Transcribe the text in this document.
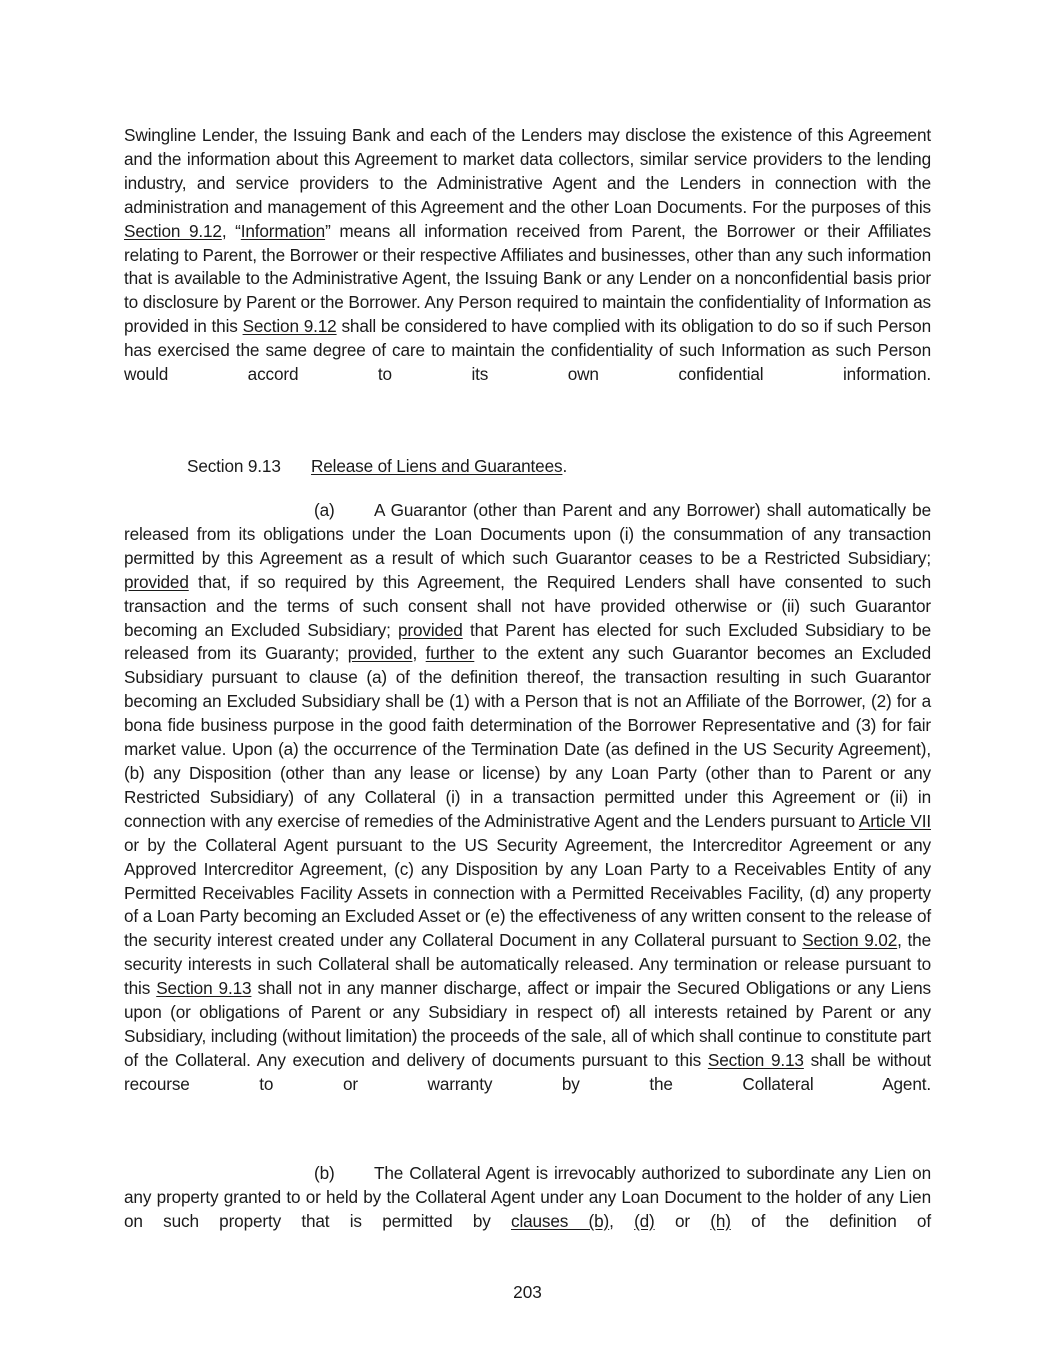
Swingline Lender, the Issuing Bank and each of the Lenders may disclose the existence of this Agreement and the information about this Agreement to market data collectors, similar service providers to the lending industry, and service providers to the Administrative Agent and the Lenders in connection with the administration and management of this Agreement and the other Loan Documents. For the purposes of this Section 9.12, “Information” means all information received from Parent, the Borrower or their Affiliates relating to Parent, the Borrower or their respective Affiliates and businesses, other than any such information that is available to the Administrative Agent, the Issuing Bank or any Lender on a nonconfidential basis prior to disclosure by Parent or the Borrower. Any Person required to maintain the confidentiality of Information as provided in this Section 9.12 shall be considered to have complied with its obligation to do so if such Person has exercised the same degree of care to maintain the confidentiality of such Information as such Person would accord to its own confidential information.

Section 9.13 Release of Liens and Guarantees.

(a) A Guarantor (other than Parent and any Borrower) shall automatically be released from its obligations under the Loan Documents upon (i) the consummation of any transaction permitted by this Agreement as a result of which such Guarantor ceases to be a Restricted Subsidiary; provided that, if so required by this Agreement, the Required Lenders shall have consented to such transaction and the terms of such consent shall not have provided otherwise or (ii) such Guarantor becoming an Excluded Subsidiary; provided that Parent has elected for such Excluded Subsidiary to be released from its Guaranty; provided, further to the extent any such Guarantor becomes an Excluded Subsidiary pursuant to clause (a) of the definition thereof, the transaction resulting in such Guarantor becoming an Excluded Subsidiary shall be (1) with a Person that is not an Affiliate of the Borrower, (2) for a bona fide business purpose in the good faith determination of the Borrower Representative and (3) for fair market value. Upon (a) the occurrence of the Termination Date (as defined in the US Security Agreement), (b) any Disposition (other than any lease or license) by any Loan Party (other than to Parent or any Restricted Subsidiary) of any Collateral (i) in a transaction permitted under this Agreement or (ii) in connection with any exercise of remedies of the Administrative Agent and the Lenders pursuant to Article VII or by the Collateral Agent pursuant to the US Security Agreement, the Intercreditor Agreement or any Approved Intercreditor Agreement, (c) any Disposition by any Loan Party to a Receivables Entity of any Permitted Receivables Facility Assets in connection with a Permitted Receivables Facility, (d) any property of a Loan Party becoming an Excluded Asset or (e) the effectiveness of any written consent to the release of the security interest created under any Collateral Document in any Collateral pursuant to Section 9.02, the security interests in such Collateral shall be automatically released. Any termination or release pursuant to this Section 9.13 shall not in any manner discharge, affect or impair the Secured Obligations or any Liens upon (or obligations of Parent or any Subsidiary in respect of) all interests retained by Parent or any Subsidiary, including (without limitation) the proceeds of the sale, all of which shall continue to constitute part of the Collateral. Any execution and delivery of documents pursuant to this Section 9.13 shall be without recourse to or warranty by the Collateral Agent.

(b) The Collateral Agent is irrevocably authorized to subordinate any Lien on any property granted to or held by the Collateral Agent under any Loan Document to the holder of any Lien on such property that is permitted by clauses (b), (d) or (h) of the definition of

203
